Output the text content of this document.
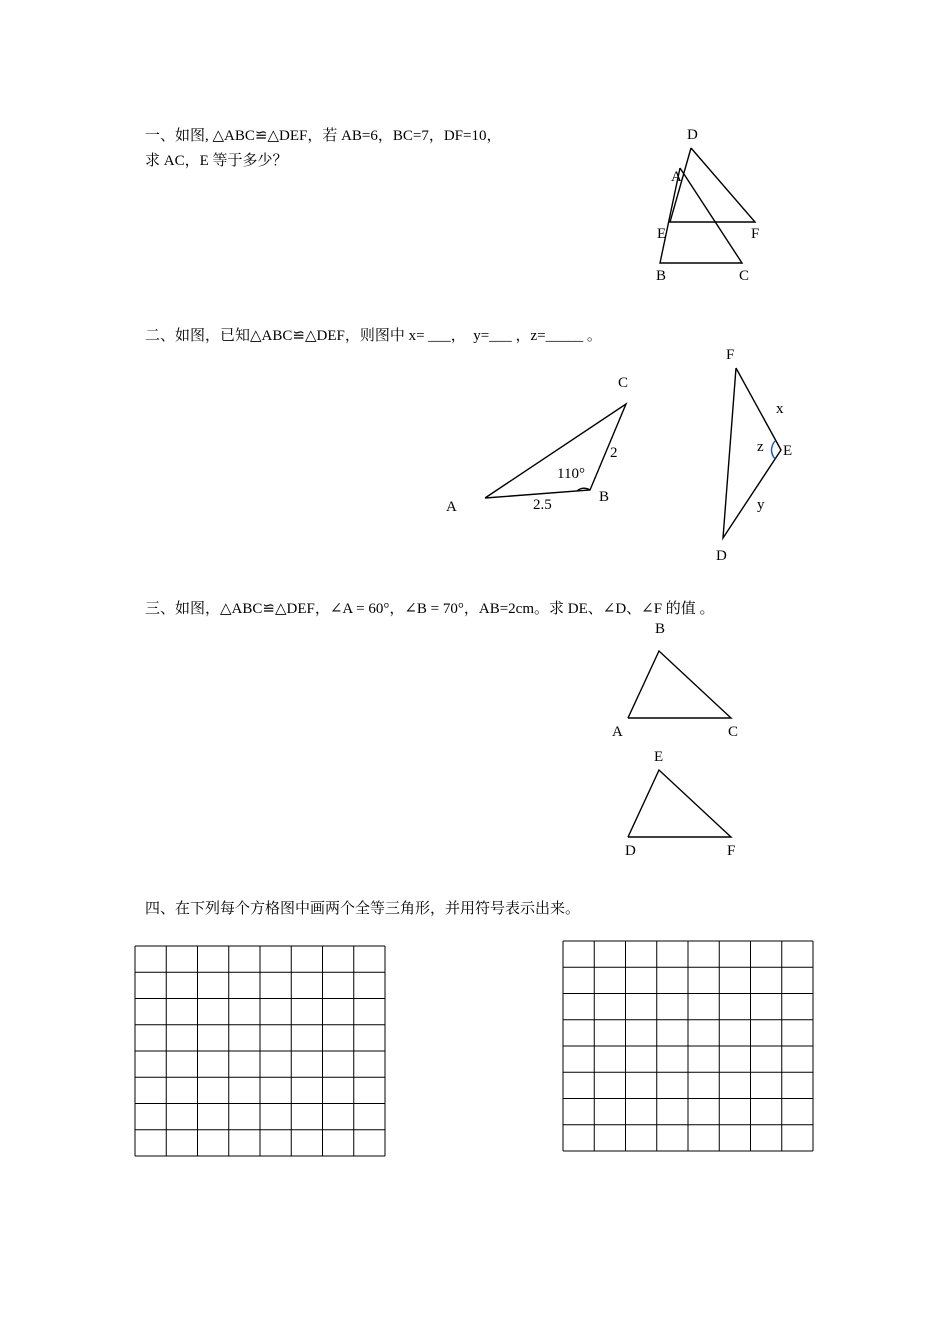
一、如图, △ABC≌△DEF，若 AB=6，BC=7，DF=10，
求 AC，E 等于多少？
D
A
E	F
B	C
二、如图，已知△ABC≌△DEF，则图中 x= ___，  y=___ ，z=_____ 。
C
2
110°
B
2.5
A
F
x
z E
y
D
三、如图，△ABC≌△DEF，∠A = 60°，∠B = 70°，AB=2cm。求 DE、∠D、∠F 的值 。
B
A	C
E
D	F
四、在下列每个方格图中画两个全等三角形，并用符号表示出来。
